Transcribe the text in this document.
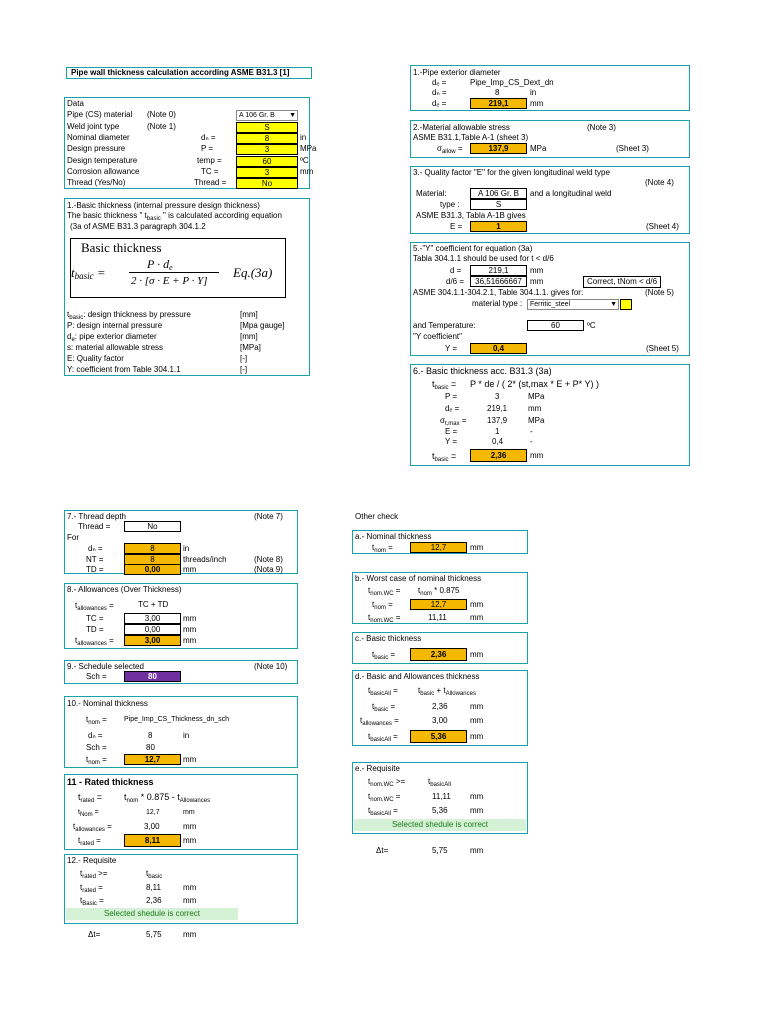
Pipe wall thickness calculation according ASME B31.3 [1]
Data
Pipe (CS) material (Note 0)	A 106 Gr. B ▼
Weld joint type	(Note 1)	S
Nominal diameter	dₙ =	8	in
Design pressure	P =	3	MPa
Design temperature	temp =	60	ºC
Corrosion allowance	TC =	3	mm
Thread (Yes/No)	Thread =	No
1.-Basic thickness (internal pressure design thickness)
The basic thickness " $t_{basic}$ " is calculated according equation
(3a of ASME B31.3 paragraph 304.1.2
Basic thickness
$t_{basic}$ =
$P \cdot d_e$
2 · [σ · E + P · Y]
Eq.(3a)
$t_{basic}$: design thickness by pressure	[mm]
P: design internal pressure	[Mpa gauge]
$d_e$: pipe exterior diameter	[mm]
s: material allowable stress	[MPa]
E: Quality factor	[-]
Y: coefficient from Table 304.1.1	[-]
1.-Pipe exterior diameter
dₑ =	Pipe_Imp_CS_Dext_dn
dₙ =	8	in
dₑ =	219,1	mm
2.-Material allowable stress	(Note 3)
ASME B31.1,Table A-1 (sheet 3)
$\sigma_{allow}$ =	137,9	MPa	(Sheet 3)
3.- Quality factor "E" for the given longitudinal weld type
(Note 4)
Material:	A 106 Gr. B	and a longitudinal weld
type :	S
ASME B31.3, Tabla A-1B gives
E =	1	(Sheet 4)
5.-"Y" coefficient for equation (3a)
Tabla 304.1.1 should be used for t < d/6
d =	219,1	mm
d/6 =	36,51666667	mm	Correct, tNom < d/6
ASME 304.1.1-304.2.1, Table 304.1.1. gives for:	(Note 5)
material type :	Ferritic_steel	▼
and Temperature:	60	ºC
"Y coefficient"
Y =	0,4	(Sheet 5)
6.- Basic thickness acc. B31.3 (3a)
$t_{basic} = P$ * de / ( 2* (st,max * E + P* Y) )
P =	3	MPa
dₑ =	219,1	mm
$\sigma_{t,max}$ =	137,9	MPa
E =	1	-
Y =	0,4	-
$t_{basic}$ =	2,36	mm
7.- Thread depth	(Note 7)
Thread =	No
For
dₙ =	8	in
NT =	8	threads/inch	(Note 8)
TD =	0,00	mm	(Nota 9)
8.- Allowances (Over Thickness)
$t_{allowances}$ =	TC + TD
TC =	3,00	mm
TD =	0,00	mm
$t_{allowances}$ =	3,00	mm
9.- Schedule selected	(Note 10)
Sch =	80
10.- Nominal thickness
$t_{nom}$ = Pipe_Imp_CS_Thickness_dn_sch
dₙ =	8	in
Sch =	80
$t_{nom}$ =	12,7	mm
11 - Rated thickness
$t_{rated} = t_{nom} * 0.875 - t_{Allowances}$
$t_{Nom}$ =	12,7	mm
$t_{allowances}$ =	3,00	mm
$t_{rated}$ =	8,11	mm
12.- Requisite
$t_{rated}$ >=	$t_{basic}$
$t_{rated}$ =	8,11	mm
$t_{Basic}$ =	2,36	mm
Selected shedule is correct
Δt=	5,75	mm
Other check
a.- Nominal thickness
$t_{nom}$ =	12,7	mm
b.- Worst case of nominal thickness
$t_{nom.WC} = t_{nom} * 0.875$
$t_{nom}$ =	12,7	mm
$t_{nom.WC}$ =	11,11	mm
c.- Basic thickness
$t_{basic}$ =	2,36	mm
d.- Basic and Allowances thickness
$t_{basicAll}$ =	$t_{basic} + t_{Allowances}$
$t_{basic}$ =	2,36	mm
$t_{allowances}$ =	3,00	mm
$t_{basicAll}$ =	5,36	mm
e.- Requisite
$t_{nom.WC}$ >=	$t_{basicAll}$
$t_{nom.WC}$ =	11,11 mm
$t_{basicAll}$ =	5,36	mm
Selected shedule is correct
Δt=	5,75	mm
